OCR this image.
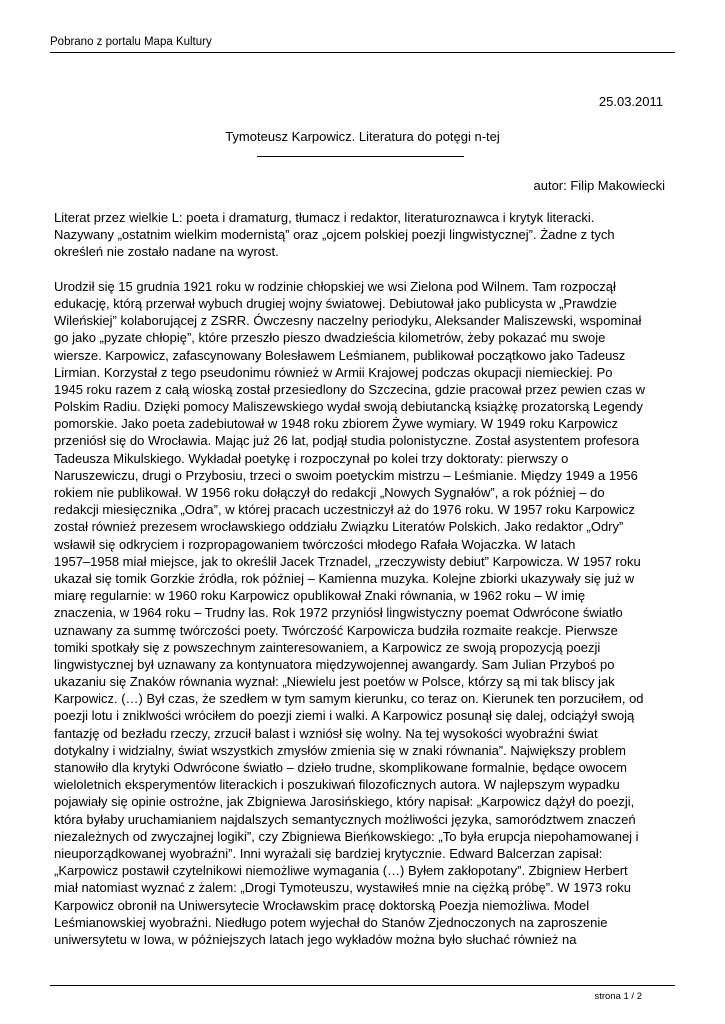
Pobrano z portalu Mapa Kultury
25.03.2011
Tymoteusz Karpowicz. Literatura do potęgi n-tej
autor: Filip Makowiecki
Literat przez wielkie L: poeta i dramaturg, tłumacz i redaktor, literaturoznawca i krytyk literacki.
Nazywany „ostatnim wielkim modernistą” oraz „ojcem polskiej poezji lingwistycznej”. Żadne z tych
określeń nie zostało nadane na wyrost.
Urodził się 15 grudnia 1921 roku w rodzinie chłopskiej we wsi Zielona pod Wilnem. Tam rozpoczął
edukację, którą przerwał wybuch drugiej wojny światowej. Debiutował jako publicysta w „Prawdzie
Wileńskiej” kolaborującej z ZSRR. Ówczesny naczelny periodyku, Aleksander Maliszewski, wspominał
go jako „pyzate chłopię”, które przeszło pieszo dwadzieścia kilometrów, żeby pokazać mu swoje
wiersze. Karpowicz, zafascynowany Bolesławem Leśmianem, publikował początkowo jako Tadeusz
Lirmian. Korzystał z tego pseudonimu również w Armii Krajowej podczas okupacji niemieckiej. Po
1945 roku razem z całą wioską został przesiedlony do Szczecina, gdzie pracował przez pewien czas w
Polskim Radiu. Dzięki pomocy Maliszewskiego wydał swoją debiutancką książkę prozatorską Legendy
pomorskie. Jako poeta zadebiutował w 1948 roku zbiorem Żywe wymiary. W 1949 roku Karpowicz
przeniósł się do Wrocławia. Mając już 26 lat, podjął studia polonistyczne. Został asystentem profesora
Tadeusza Mikulskiego. Wykładał poetykę i rozpoczynał po kolei trzy doktoraty: pierwszy o
Naruszewiczu, drugi o Przybosiu, trzeci o swoim poetyckim mistrzu – Leśmianie. Między 1949 a 1956
rokiem nie publikował. W 1956 roku dołączył do redakcji „Nowych Sygnałów”, a rok później – do
redakcji miesięcznika „Odra”, w której pracach uczestniczył aż do 1976 roku. W 1957 roku Karpowicz
został również prezesem wrocławskiego oddziału Związku Literatów Polskich. Jako redaktor „Odry”
wsławił się odkryciem i rozpropagowaniem twórczości młodego Rafała Wojaczka. W latach
1957–1958 miał miejsce, jak to określił Jacek Trznadel, „rzeczywisty debiut” Karpowicza. W 1957 roku
ukazał się tomik Gorzkie źródła, rok później – Kamienna muzyka. Kolejne zbiorki ukazywały się już w
miarę regularnie: w 1960 roku Karpowicz opublikował Znaki równania, w 1962 roku – W imię
znaczenia, w 1964 roku – Trudny las. Rok 1972 przyniósł lingwistyczny poemat Odwrócone światło
uznawany za summę twórczości poety. Twórczość Karpowicza budziła rozmaite reakcje. Pierwsze
tomiki spotkały się z powszechnym zainteresowaniem, a Karpowicz ze swoją propozycją poezji
lingwistycznej był uznawany za kontynuatora międzywojennej awangardy. Sam Julian Przyboś po
ukazaniu się Znaków równania wyznał: „Niewielu jest poetów w Polsce, którzy są mi tak bliscy jak
Karpowicz. (…) Był czas, że szedłem w tym samym kierunku, co teraz on. Kierunek ten porzuciłem, od
poezji lotu i zniklwości wróciłem do poezji ziemi i walki. A Karpowicz posunął się dalej, odciążył swoją
fantazję od bezładu rzeczy, zrzucił balast i wzniósł się wolny. Na tej wysokości wyobraźni świat
dotykalny i widzialny, świat wszystkich zmysłów zmienia się w znaki równania”. Największy problem
stanowiło dla krytyki Odwrócone światło – dzieło trudne, skomplikowane formalnie, będące owocem
wieloletnich eksperymentów literackich i poszukiwań filozoficznych autora. W najlepszym wypadku
pojawiały się opinie ostrożne, jak Zbigniewa Jarosińskiego, który napisał: „Karpowicz dążył do poezji,
która byłaby uruchamianiem najdalszych semantycznych możliwości języka, samorództwem znaczeń
niezależnych od zwyczajnej logiki”, czy Zbigniewa Bieńkowskiego: „To była erupcja niepohamowanej i
nieuporządkowanej wyobraźni”. Inni wyrażali się bardziej krytycznie. Edward Balcerzan zapisał:
„Karpowicz postawił czytelnikowi niemożliwe wymagania (…) Byłem zakłopotany”. Zbigniew Herbert
miał natomiast wyznać z żalem: „Drogi Tymoteuszu, wystawiłeś mnie na ciężką próbę”. W 1973 roku
Karpowicz obronił na Uniwersytecie Wrocławskim pracę doktorską Poezja niemożliwa. Model
Leśmianowskiej wyobraźni. Niedługo potem wyjechał do Stanów Zjednoczonych na zaproszenie
uniwersytetu w Iowa, w późniejszych latach jego wykładów można było słuchać również na
strona 1 / 2
